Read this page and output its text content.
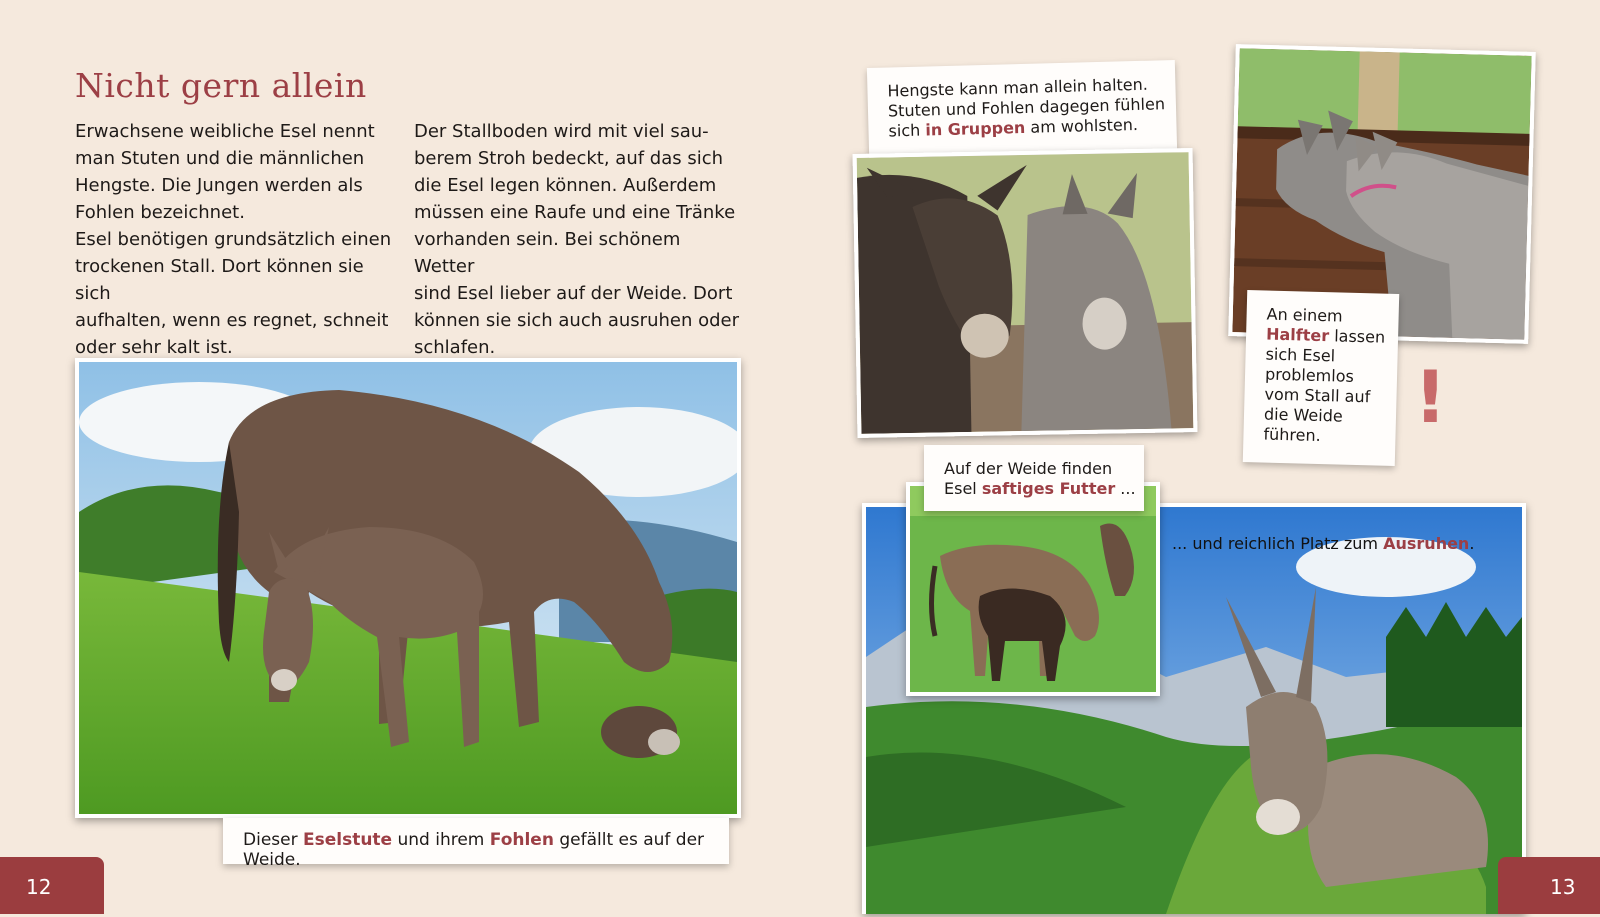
Nicht gern allein

Erwachsene weibliche Esel nennt

man Stuten und die männlichen

Hengste. Die Jungen werden als

Fohlen bezeichnet.

Esel benötigen grundsätzlich einen

trockenen Stall. Dort können sie sich

aufhalten, wenn es regnet, schneit

oder sehr kalt ist.

Der Stallboden wird mit viel sau-

berem Stroh bedeckt, auf das sich

die Esel legen können. Außerdem

müssen eine Raufe und eine Tränke

vorhanden sein. Bei schönem Wetter

sind Esel lieber auf der Weide. Dort

können sie sich auch ausruhen oder

schlafen.

Dieser Eselstute und ihrem Fohlen gefällt es auf der Weide.
12
Hengste kann man allein halten.
Stuten und Fohlen dagegen fühlen
sich in Gruppen am wohlsten.
An einem
Halfter lassen
sich Esel
problemlos
vom Stall auf
die Weide
führen.	!
Auf der Weide finden
Esel saftiges Futter ...
... und reichlich Platz zum Ausruhen.
13
